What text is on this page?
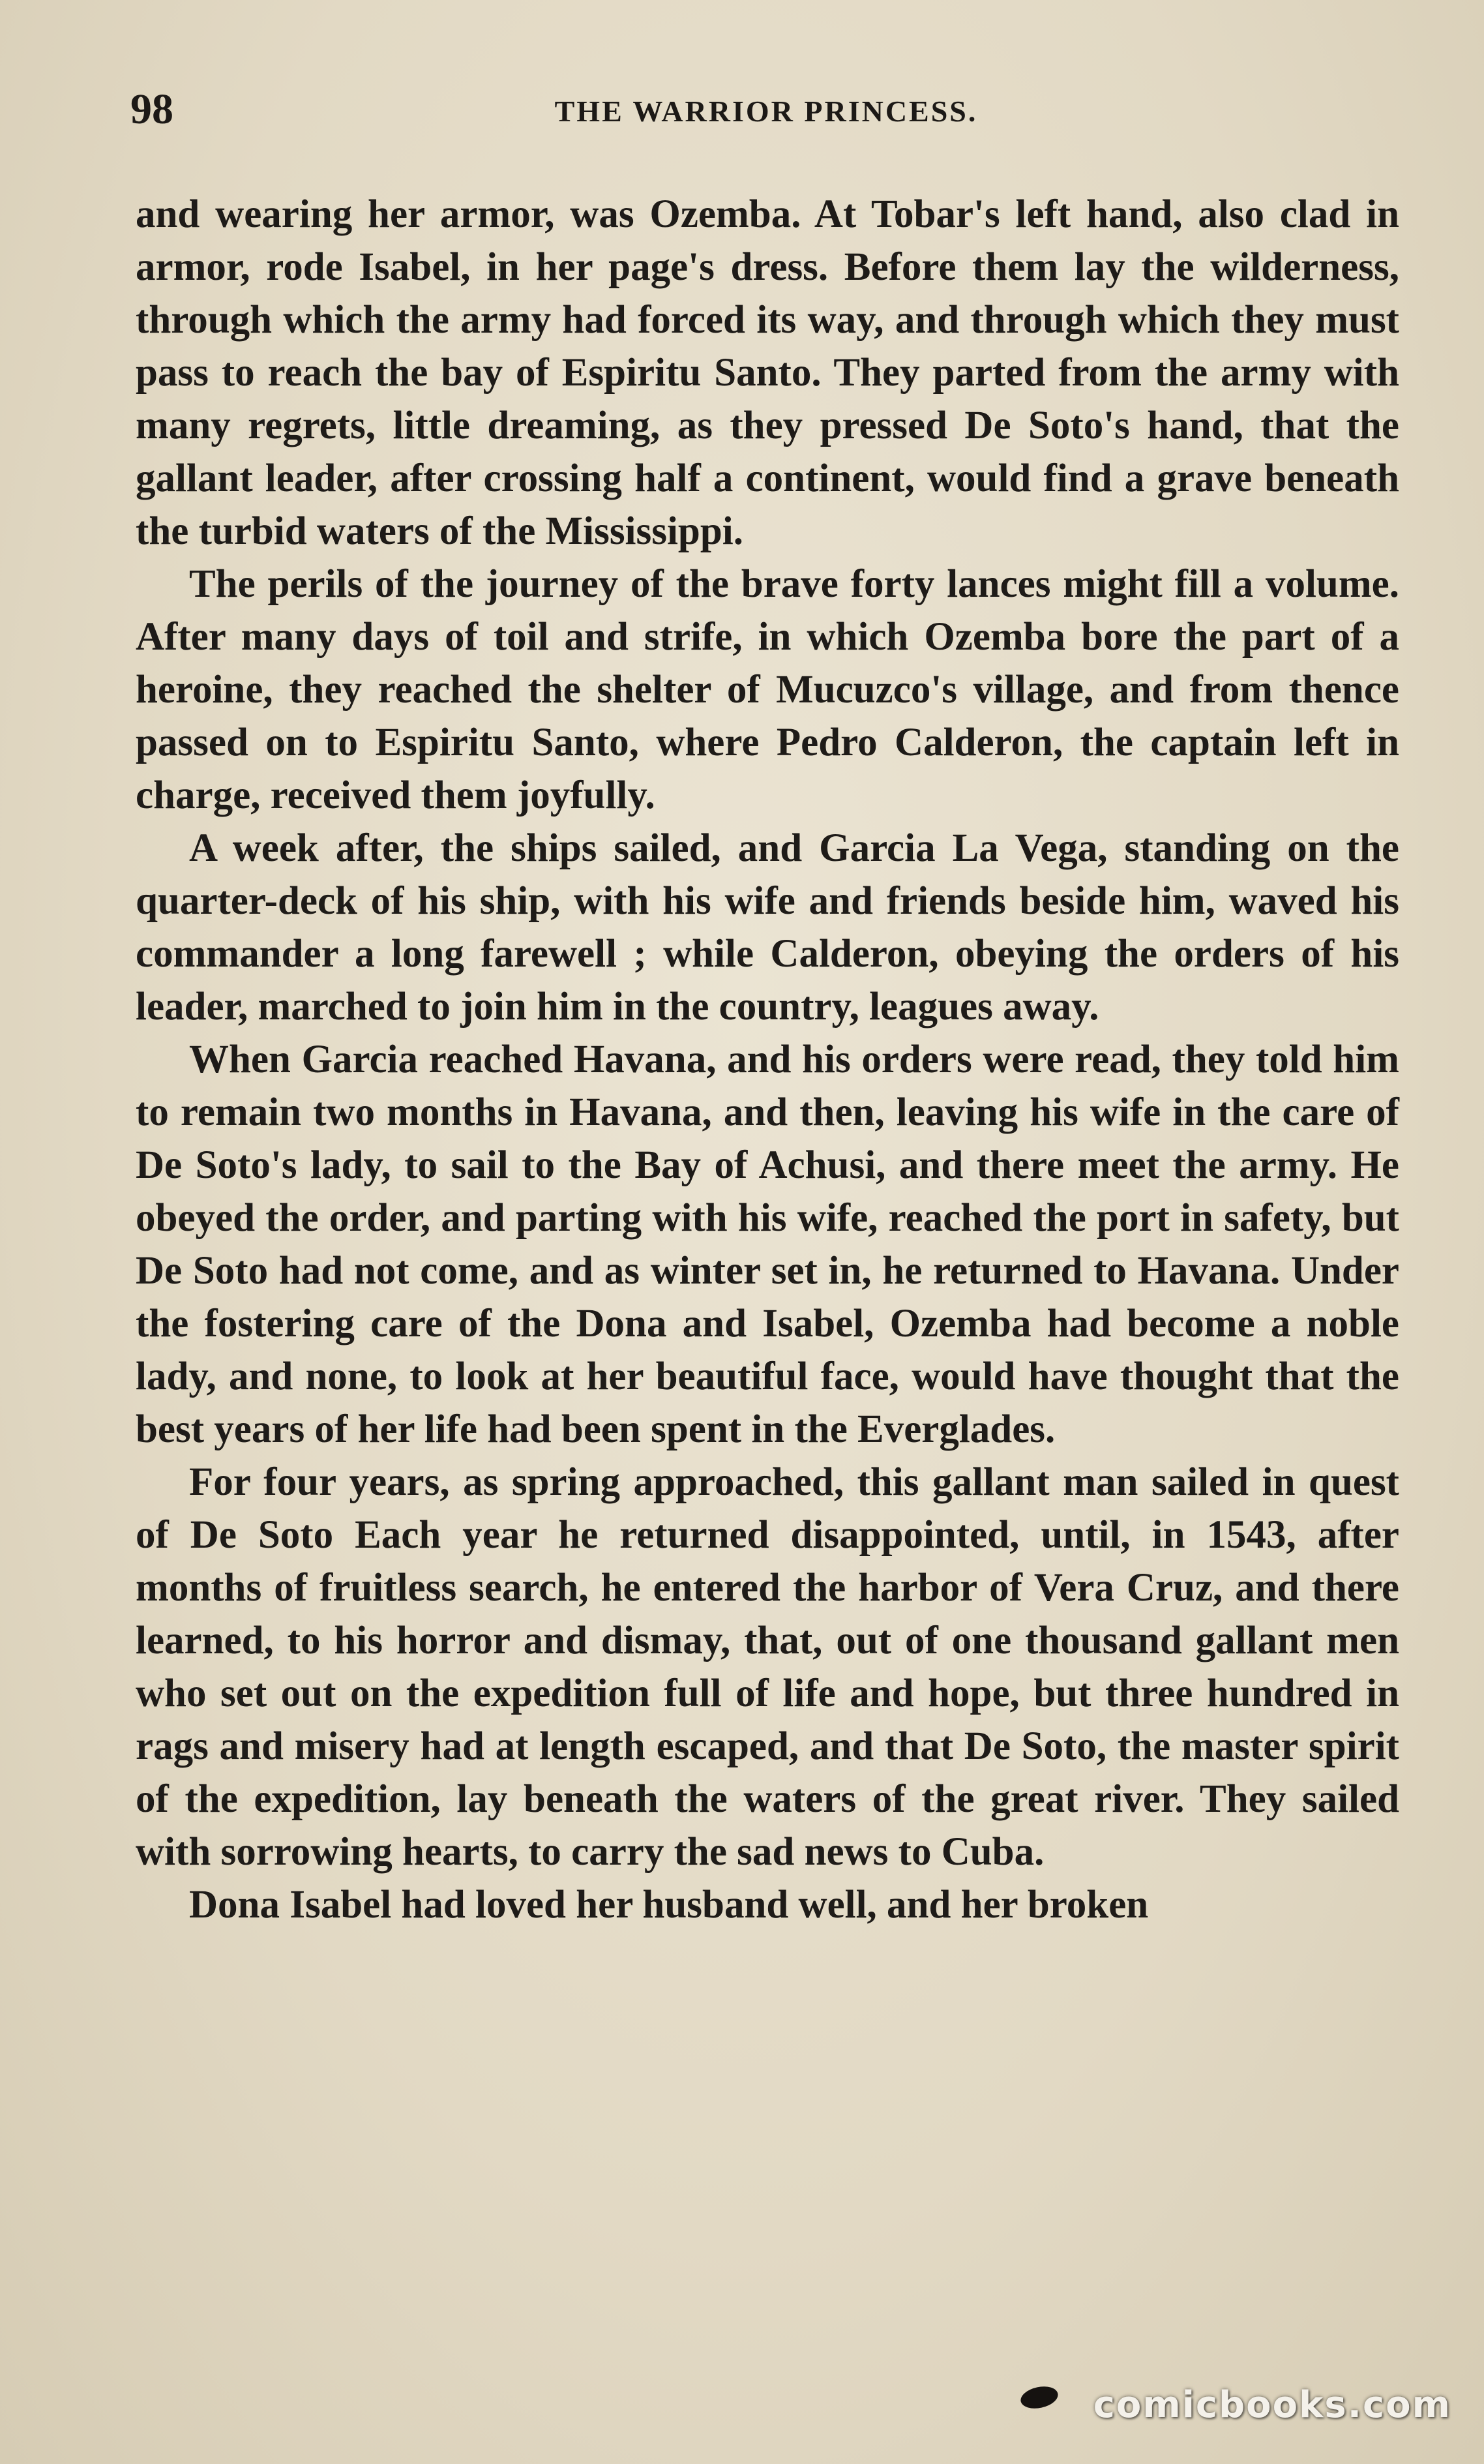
98	THE WARRIOR PRINCESS.

and wearing her armor, was Ozemba. At Tobar's left hand, also clad in armor, rode Isabel, in her page's dress. Before them lay the wilderness, through which the army had forced its way, and through which they must pass to reach the bay of Espiritu Santo. They parted from the army with many regrets, little dreaming, as they pressed De Soto's hand, that the gallant leader, after crossing half a continent, would find a grave beneath the turbid waters of the Mississippi.

The perils of the journey of the brave forty lances might fill a volume. After many days of toil and strife, in which Ozemba bore the part of a heroine, they reached the shelter of Mucuzco's village, and from thence passed on to Espiritu Santo, where Pedro Calderon, the captain left in charge, received them joyfully.

A week after, the ships sailed, and Garcia La Vega, standing on the quarter-deck of his ship, with his wife and friends beside him, waved his commander a long farewell ; while Calderon, obeying the orders of his leader, marched to join him in the country, leagues away.

When Garcia reached Havana, and his orders were read, they told him to remain two months in Havana, and then, leaving his wife in the care of De Soto's lady, to sail to the Bay of Achusi, and there meet the army. He obeyed the order, and parting with his wife, reached the port in safety, but De Soto had not come, and as winter set in, he returned to Havana. Under the fostering care of the Dona and Isabel, Ozemba had become a noble lady, and none, to look at her beautiful face, would have thought that the best years of her life had been spent in the Everglades.

For four years, as spring approached, this gallant man sailed in quest of De Soto Each year he returned disappointed, until, in 1543, after months of fruitless search, he entered the harbor of Vera Cruz, and there learned, to his horror and dismay, that, out of one thousand gallant men who set out on the expedition full of life and hope, but three hundred in rags and misery had at length escaped, and that De Soto, the master spirit of the expedition, lay beneath the waters of the great river. They sailed with sorrowing hearts, to carry the sad news to Cuba.

Dona Isabel had loved her husband well, and her broken

comicbooks.com
